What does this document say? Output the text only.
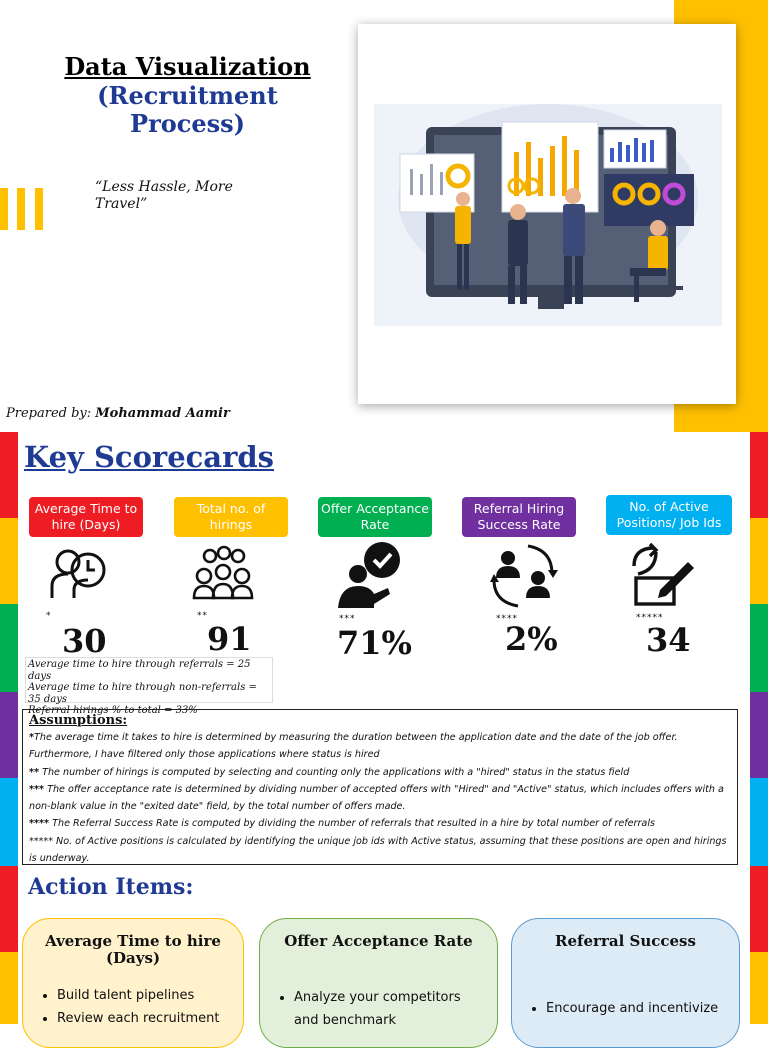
Data Visualization
(Recruitment Process)
“Less Hassle, More Travel”
Prepared by: Mohammad Aamir
Key Scorecards
Average Time to hire (Days)
Total no. of hirings
Offer Acceptance Rate
Referral Hiring Success Rate
No. of Active Positions/ Job Ids
*	**	***	****	*****
30	91	71%	2%	34
Average time to hire through referrals = 25 days
Average time to hire through non-referrals = 35 days
Referral hirings % to total = 33%
Assumptions:
*The average time it takes to hire is determined by measuring the duration between the application date and the date of the job offer. Furthermore, I have filtered only those applications where status is hired
** The number of hirings is computed by selecting and counting only the applications with a "hired" status in the status field
*** The offer acceptance rate is determined by dividing number of accepted offers with "Hired" and "Active" status, which includes offers with a non-blank value in the "exited date" field, by the total number of offers made.
**** The Referral Success Rate is computed by dividing the number of referrals that resulted in a hire by total number of referrals
***** No. of Active positions is calculated by identifying the unique job ids with Active status, assuming that these positions are open and hirings is underway.
Action Items:
Average Time to hire (Days)
• Build talent pipelines
• Review each recruitment
Offer Acceptance Rate
• Analyze your competitors and benchmark
Referral Success
• Encourage and incentivize
